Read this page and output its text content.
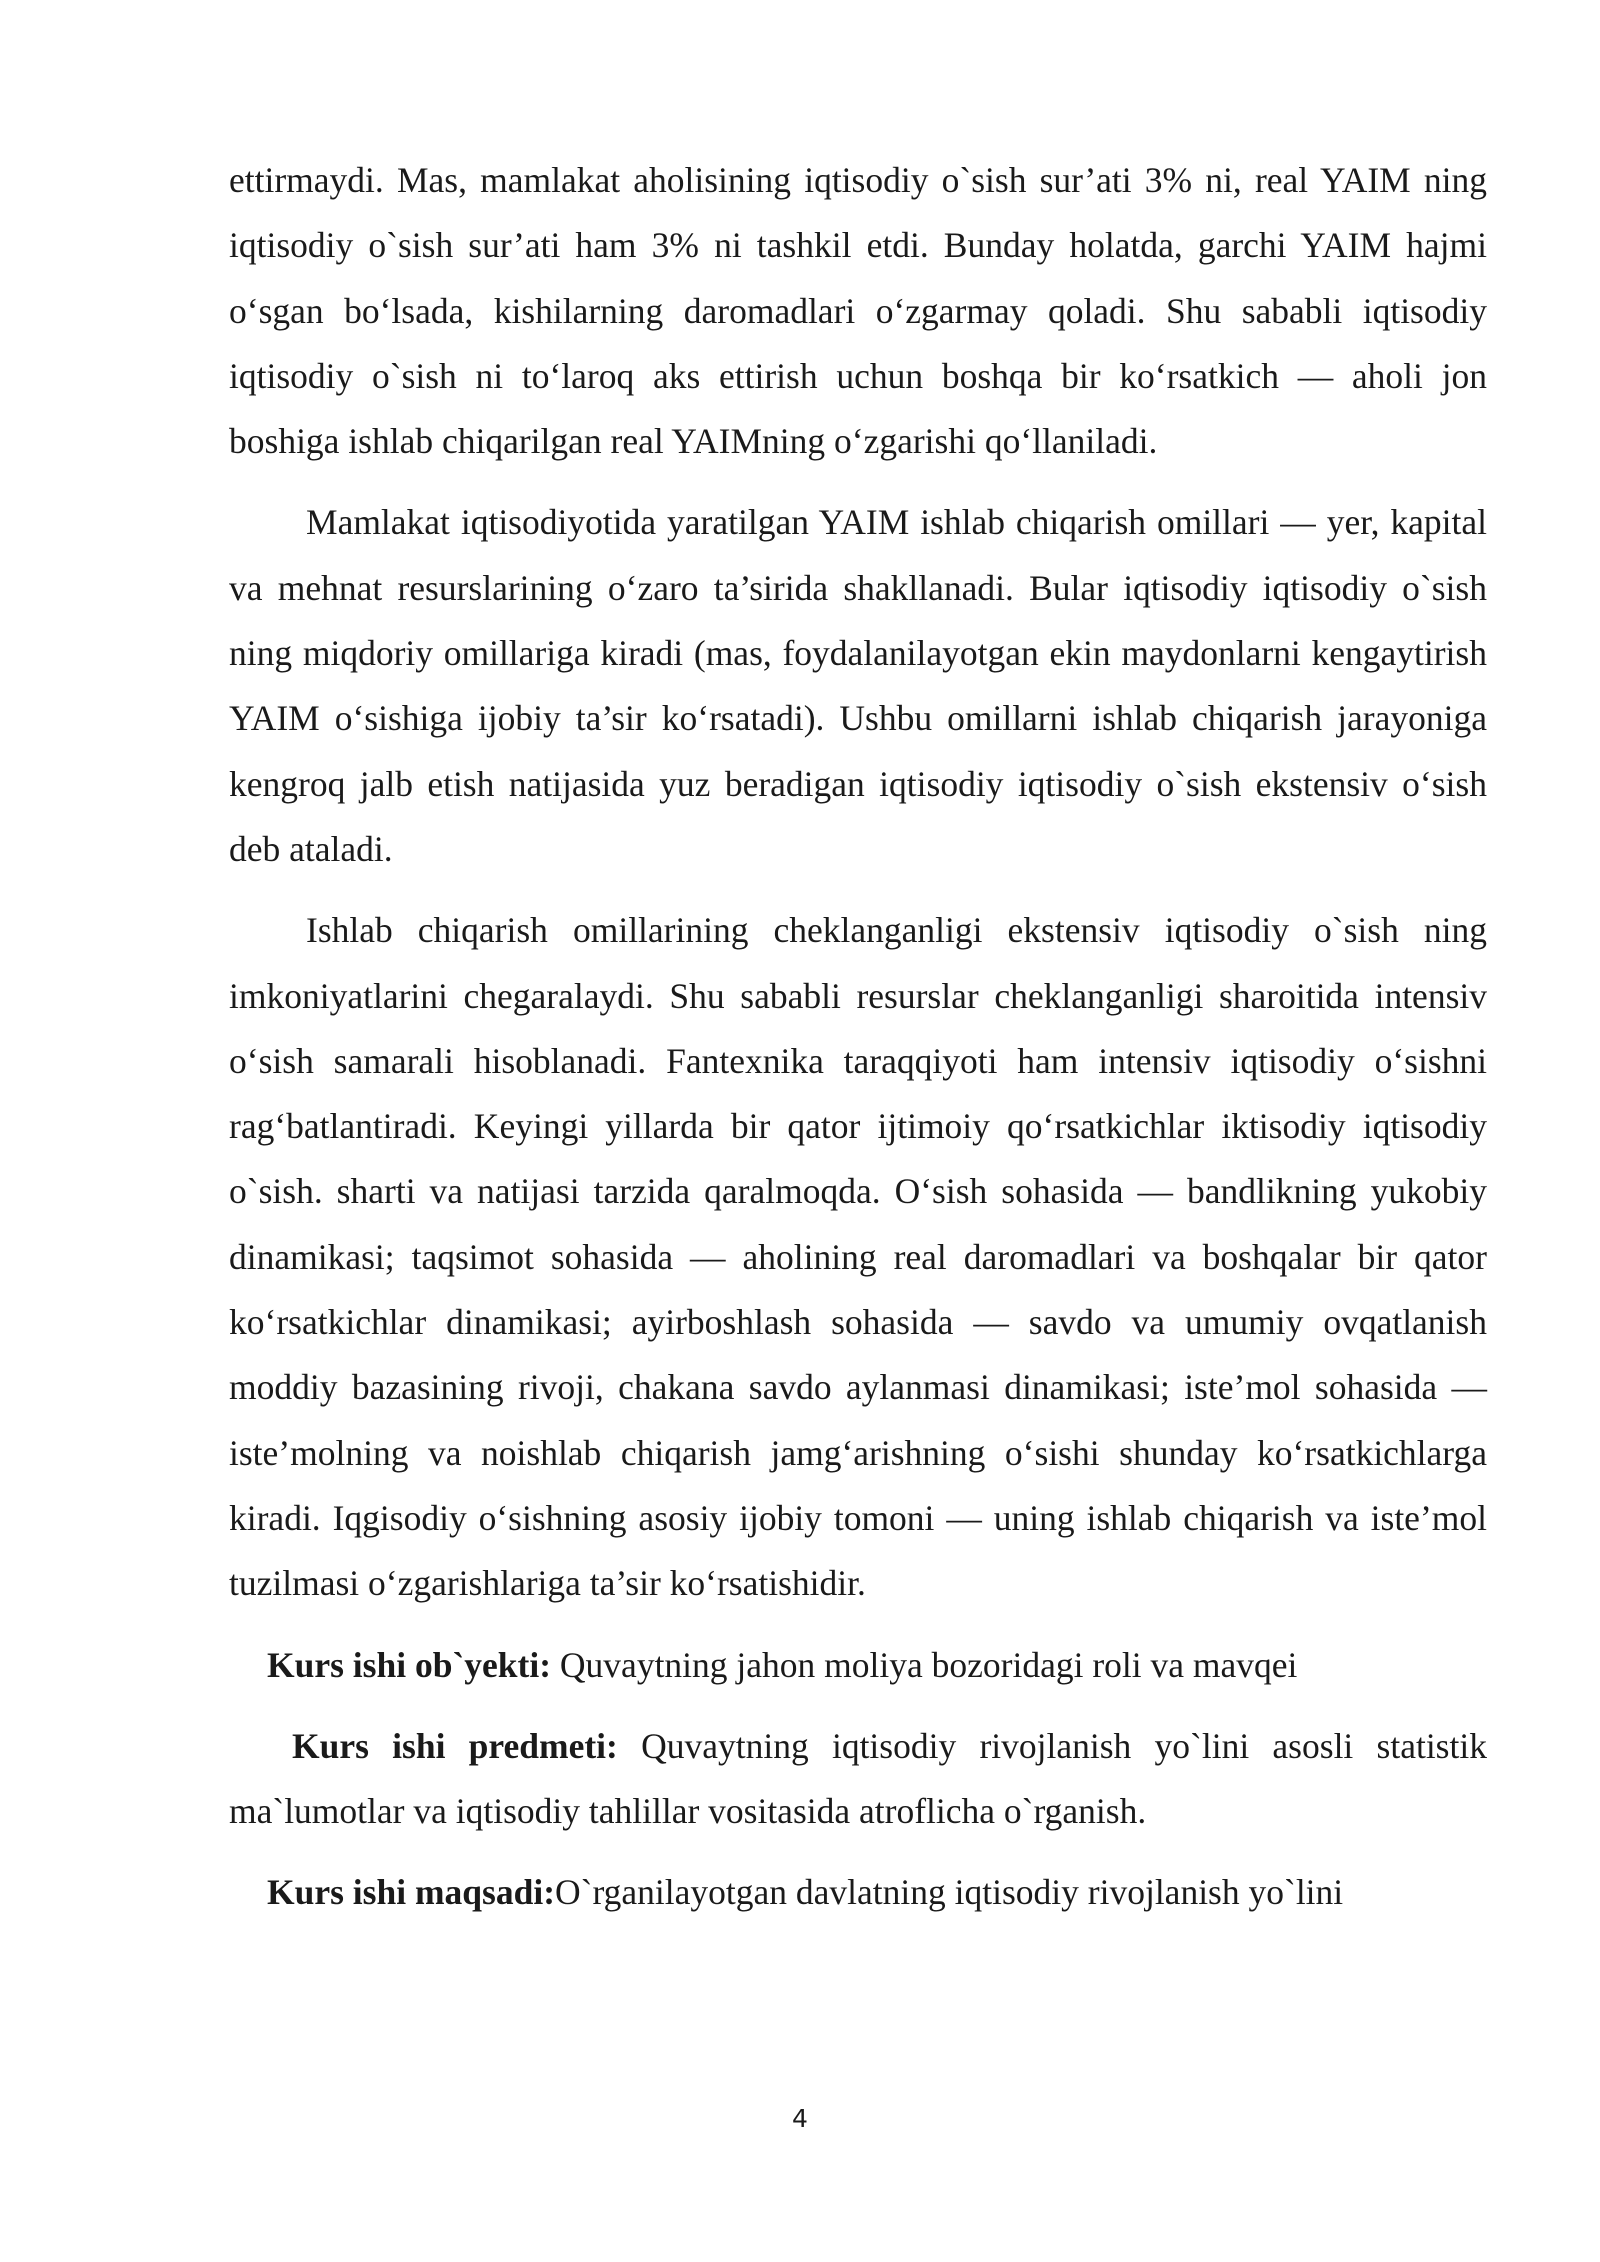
ettirmaydi. Mas, mamlakat aholisining iqtisodiy o`sish sur’ati 3% ni, real YAIM ning iqtisodiy o`sish sur’ati ham 3% ni tashkil etdi. Bunday holatda, garchi YAIM hajmi o‘sgan bo‘lsada, kishilarning daromadlari o‘zgarmay qoladi. Shu sababli iqtisodiy iqtisodiy o`sish ni to‘laroq aks ettirish uchun boshqa bir ko‘rsatkich — aholi jon boshiga ishlab chiqarilgan real YAIMning o‘zgarishi qo‘llaniladi.

Mamlakat iqtisodiyotida yaratilgan YAIM ishlab chiqarish omillari — yer, kapital va mehnat resurslarining o‘zaro ta’sirida shakllanadi. Bular iqtisodiy iqtisodiy o`sish ning miqdoriy omillariga kiradi (mas, foydalanilayotgan ekin maydonlarni kengaytirish YAIM o‘sishiga ijobiy ta’sir ko‘rsatadi). Ushbu omillarni ishlab chiqarish jarayoniga kengroq jalb etish natijasida yuz beradigan iqtisodiy iqtisodiy o`sish ekstensiv o‘sish deb ataladi.

Ishlab chiqarish omillarining cheklanganligi ekstensiv iqtisodiy o`sish ning imkoniyatlarini chegaralaydi. Shu sababli resurslar cheklanganligi sharoitida intensiv o‘sish samarali hisoblanadi. Fantexnika taraqqiyoti ham intensiv iqtisodiy o‘sishni rag‘batlantiradi. Keyingi yillarda bir qator ijtimoiy qo‘rsatkichlar iktisodiy iqtisodiy o`sish. sharti va natijasi tarzida qaralmoqda. O‘sish sohasida — bandlikning yukobiy dinamikasi; taqsimot sohasida — aholining real daromadlari va boshqalar bir qator ko‘rsatkichlar dinamikasi; ayirboshlash sohasida — savdo va umumiy ovqatlanish moddiy bazasining rivoji, chakana savdo aylanmasi dinamikasi; iste’mol sohasida — iste’molning va noishlab chiqarish jamg‘arishning o‘sishi shunday ko‘rsatkichlarga kiradi. Iqgisodiy o‘sishning asosiy ijobiy tomoni — uning ishlab chiqarish va iste’mol tuzilmasi o‘zgarishlariga ta’sir ko‘rsatishidir.

Kurs ishi ob`yekti: Quvaytning jahon moliya bozoridagi roli va mavqei

Kurs ishi predmeti: Quvaytning iqtisodiy rivojlanish yo`lini asosli statistik ma`lumotlar va iqtisodiy tahlillar vositasida atroflicha o`rganish.

Kurs ishi maqsadi:O`rganilayotgan davlatning iqtisodiy rivojlanish yo`lini

4
